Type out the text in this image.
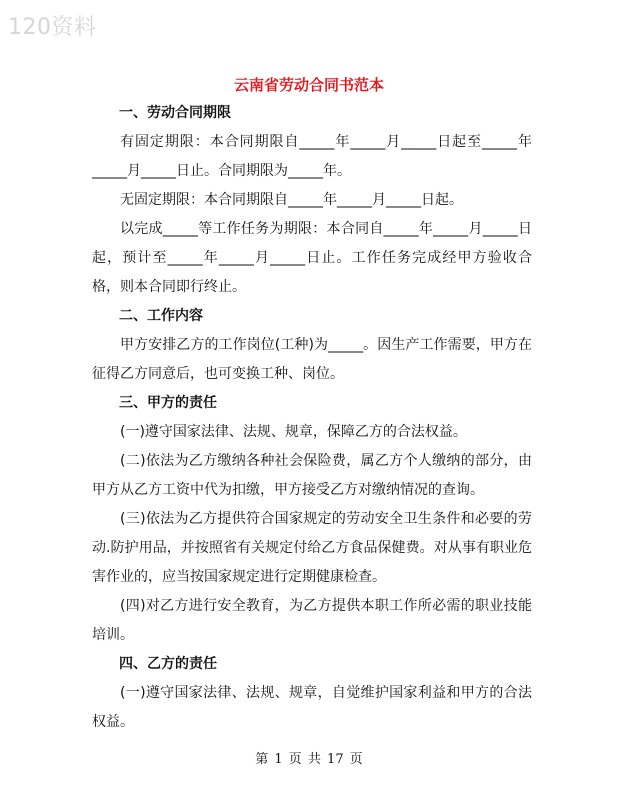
120资料
云南省劳动合同书范本
一、劳动合同期限
有固定期限：本合同期限自_____年_____月_____日起至_____年_____月_____日止。合同期限为_____年。
无固定期限：本合同期限自_____年_____月_____日起。
以完成_____等工作任务为期限：本合同自_____年_____月_____日起，预计至_____年_____月_____日止。工作任务完成经甲方验收合格，则本合同即行终止。
二、工作内容
甲方安排乙方的工作岗位(工种)为_____。因生产工作需要，甲方在征得乙方同意后，也可变换工种、岗位。
三、甲方的责任
(一)遵守国家法律、法规、规章，保障乙方的合法权益。
(二)依法为乙方缴纳各种社会保险费，属乙方个人缴纳的部分，由甲方从乙方工资中代为扣缴，甲方接受乙方对缴纳情况的查询。
(三)依法为乙方提供符合国家规定的劳动安全卫生条件和必要的劳动.防护用品，并按照省有关规定付给乙方食品保健费。对从事有职业危害作业的，应当按国家规定进行定期健康检查。
(四)对乙方进行安全教育，为乙方提供本职工作所必需的职业技能培训。
四、乙方的责任
(一)遵守国家法律、法规、规章，自觉维护国家利益和甲方的合法权益。
第 1 页 共 17 页
